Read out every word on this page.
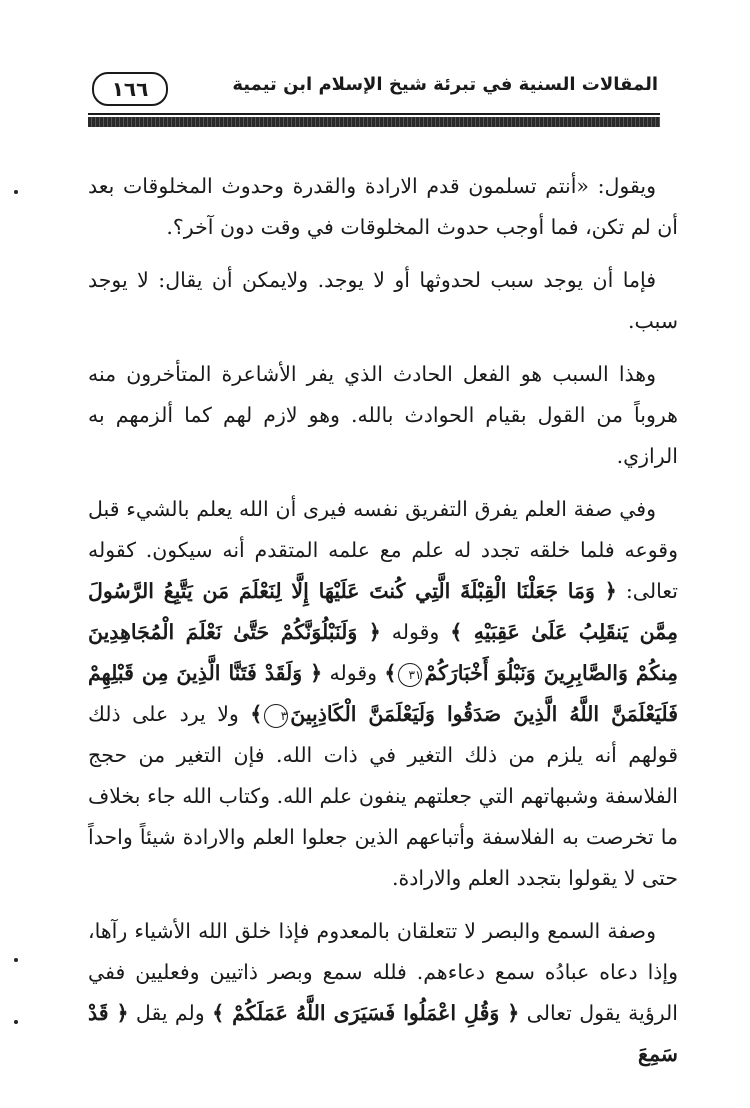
١٦٦	المقالات السنية في تبرئة شيخ الإسلام ابن تيمية

ويقول: «أنتم تسلمون قدم الارادة والقدرة وحدوث المخلوقات بعد أن لم تكن، فما أوجب حدوث المخلوقات في وقت دون آخر؟.

فإما أن يوجد سبب لحدوثها أو لا يوجد. ولايمكن أن يقال: لا يوجد سبب.

وهذا السبب هو الفعل الحادث الذي يفر الأشاعرة المتأخرون منه هروباً من القول بقيام الحوادث بالله. وهو لازم لهم كما ألزمهم به الرازي.

وفي صفة العلم يفرق التفريق نفسه فيرى أن الله يعلم بالشيء قبل وقوعه فلما خلقه تجدد له علم مع علمه المتقدم أنه سيكون. كقوله تعالى: ﴿ وَمَا جَعَلْنَا الْقِبْلَةَ الَّتِي كُنتَ عَلَيْهَا إِلَّا لِنَعْلَمَ مَن يَتَّبِعُ الرَّسُولَ مِمَّن يَنقَلِبُ عَلَىٰ عَقِبَيْهِ ﴾ وقوله ﴿ وَلَنَبْلُوَنَّكُمْ حَتَّىٰ نَعْلَمَ الْمُجَاهِدِينَ مِنكُمْ وَالصَّابِرِينَ وَنَبْلُوَ أَخْبَارَكُمْ٣١﴾ وقوله ﴿ وَلَقَدْ فَتَنَّا الَّذِينَ مِن قَبْلِهِمْ فَلَيَعْلَمَنَّ اللَّهُ الَّذِينَ صَدَقُوا وَلَيَعْلَمَنَّ الْكَاذِبِينَ٣﴾ ولا يرد على ذلك قولهم أنه يلزم من ذلك التغير في ذات الله. فإن التغير من حجج الفلاسفة وشبهاتهم التي جعلتهم ينفون علم الله. وكتاب الله جاء بخلاف ما تخرصت به الفلاسفة وأتباعهم الذين جعلوا العلم والارادة شيئاً واحداً حتى لا يقولوا بتجدد العلم والارادة.

وصفة السمع والبصر لا تتعلقان بالمعدوم فإذا خلق الله الأشياء رآها، وإذا دعاه عبادُه سمع دعاءهم. فلله سمع وبصر ذاتيين وفعليين ففي الرؤية يقول تعالى ﴿ وَقُلِ اعْمَلُوا فَسَيَرَى اللَّهُ عَمَلَكُمْ ﴾ ولم يقل ﴿ قَدْ سَمِعَ
